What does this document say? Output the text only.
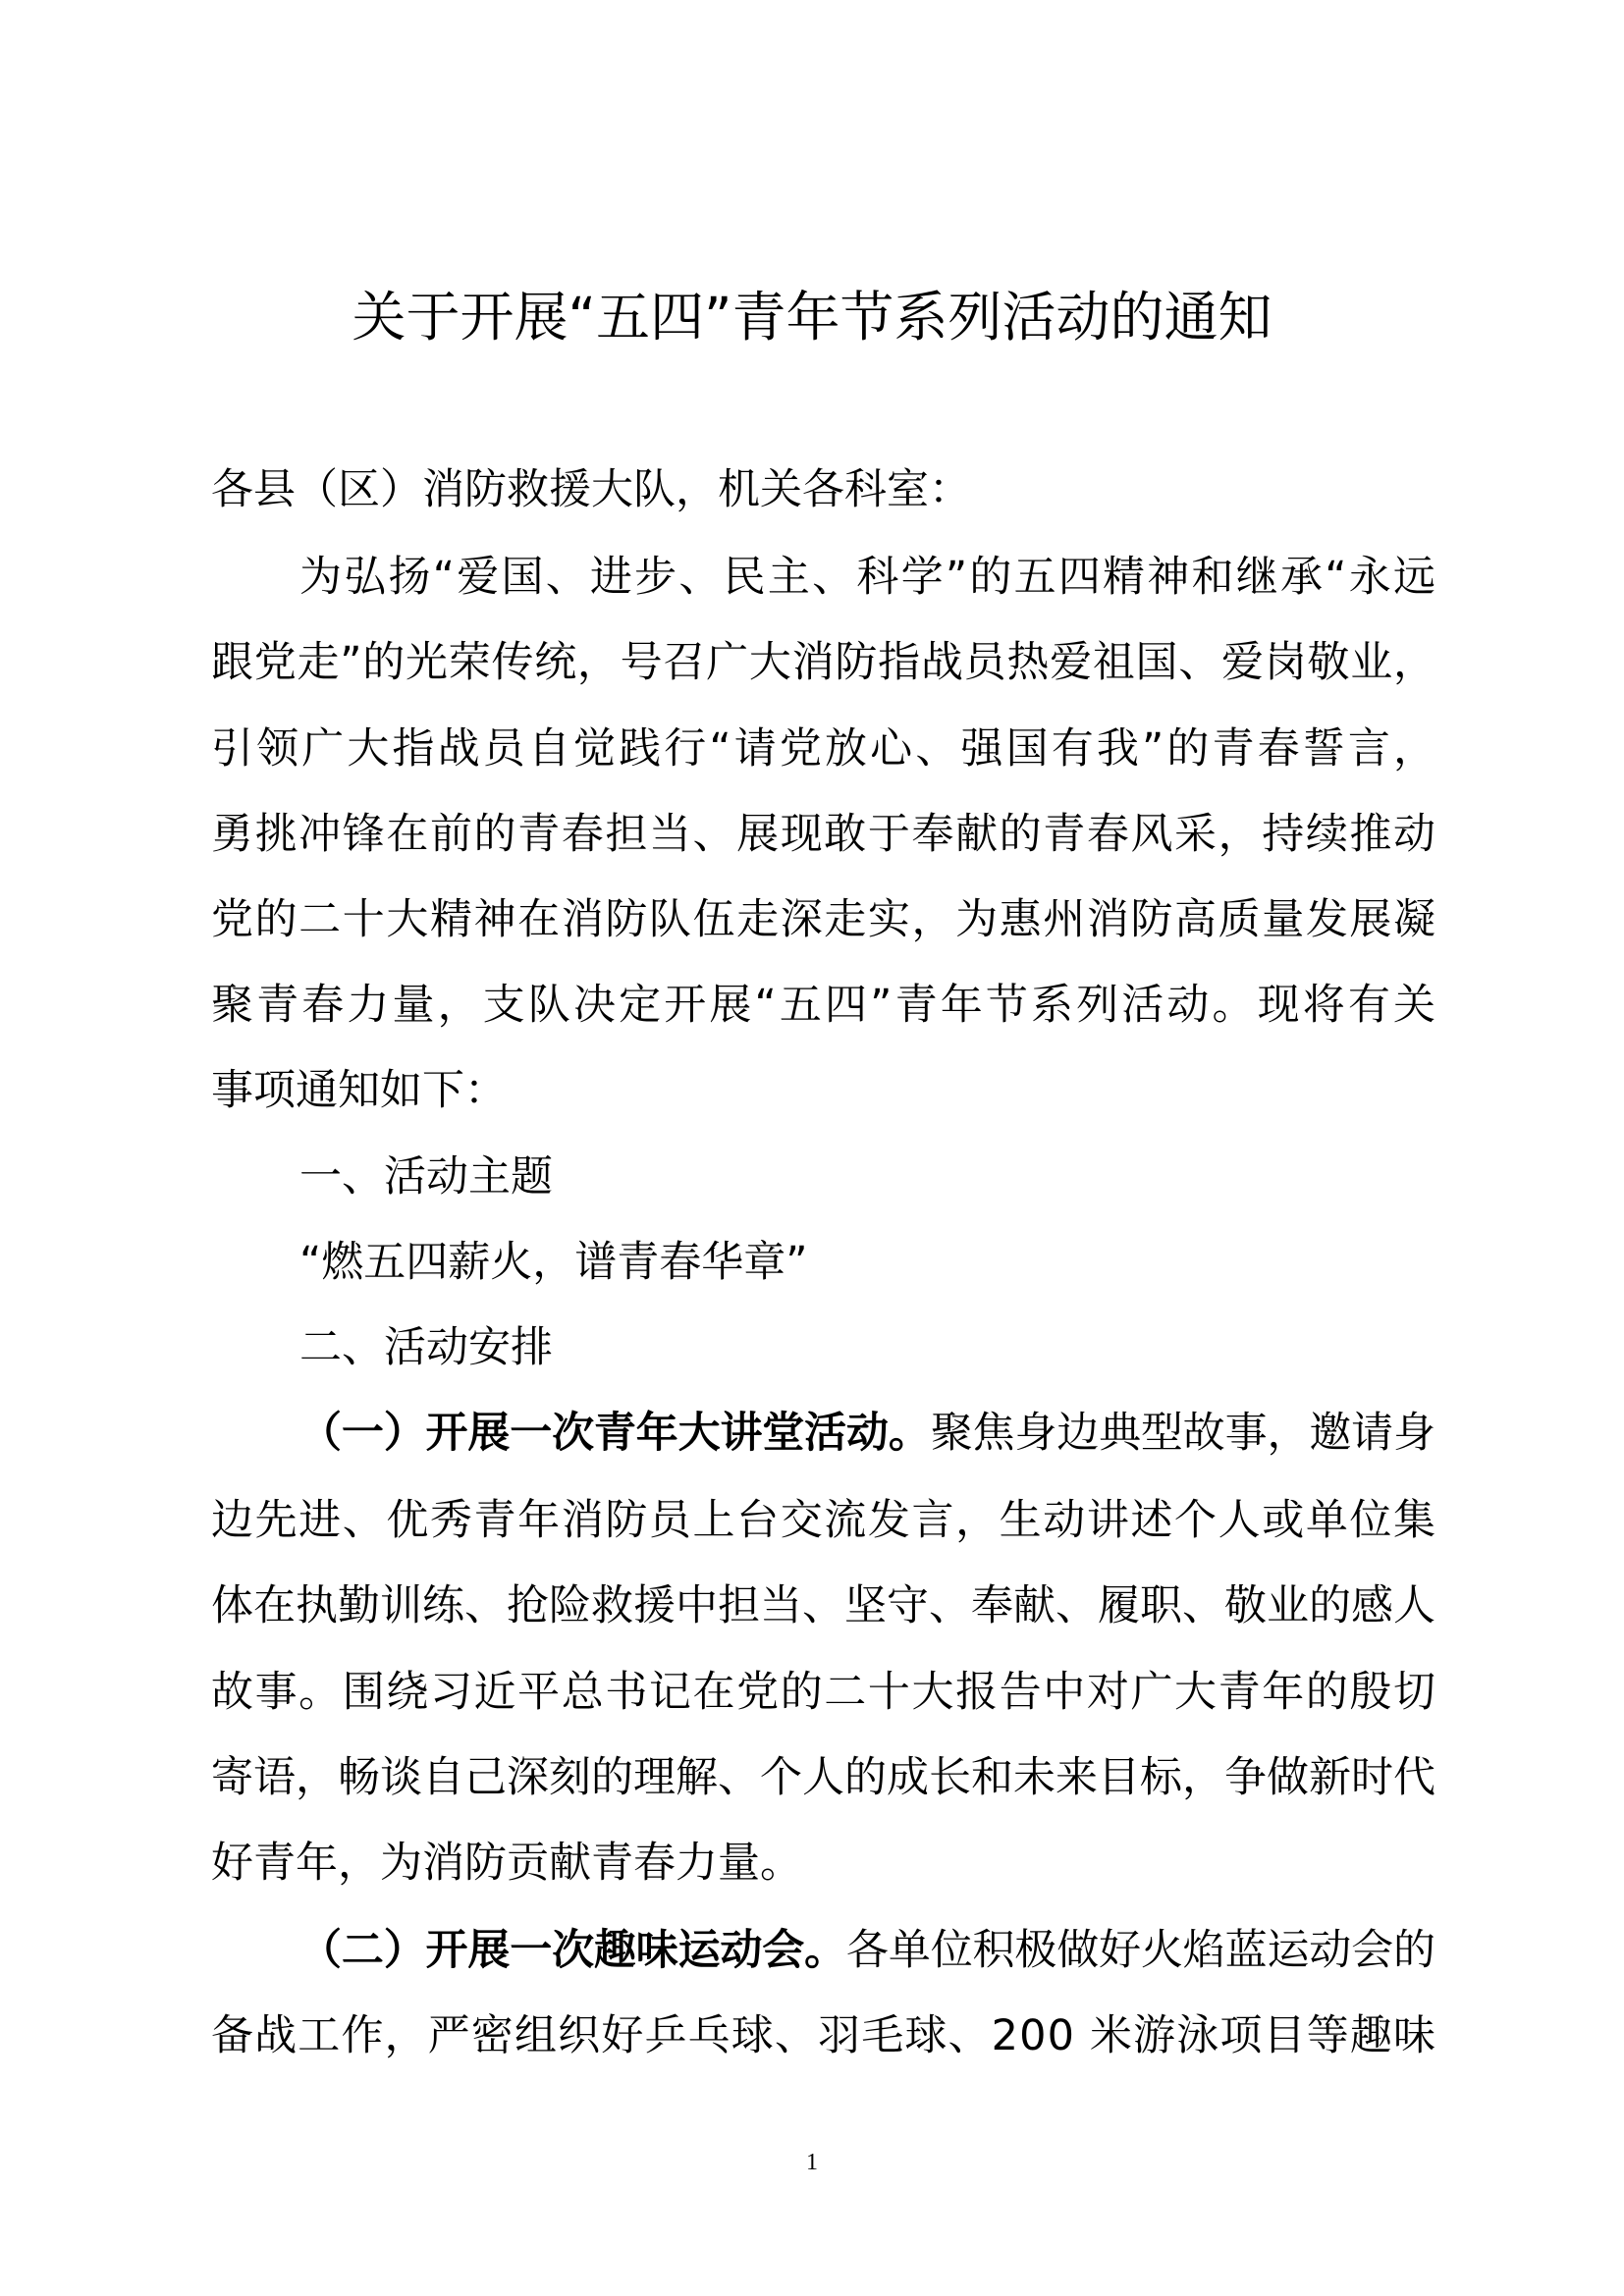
关于开展“五四”青年节系列活动的通知
各县（区）消防救援大队，机关各科室：
为弘扬“爱国、进步、民主、科学”的五四精神和继承“永远
跟党走”的光荣传统，号召广大消防指战员热爱祖国、爱岗敬业，
引领广大指战员自觉践行“请党放心、强国有我”的青春誓言，
勇挑冲锋在前的青春担当、展现敢于奉献的青春风采，持续推动
党的二十大精神在消防队伍走深走实，为惠州消防高质量发展凝
聚青春力量，支队决定开展“五四”青年节系列活动。现将有关
事项通知如下：
一、活动主题
“燃五四薪火，谱青春华章”
二、活动安排
（一）开展一次青年大讲堂活动。聚焦身边典型故事，邀请身
边先进、优秀青年消防员上台交流发言，生动讲述个人或单位集
体在执勤训练、抢险救援中担当、坚守、奉献、履职、敬业的感人
故事。围绕习近平总书记在党的二十大报告中对广大青年的殷切
寄语，畅谈自己深刻的理解、个人的成长和未来目标，争做新时代
好青年，为消防贡献青春力量。
（二）开展一次趣味运动会。各单位积极做好火焰蓝运动会的
备战工作，严密组织好乒乓球、羽毛球、200 米游泳项目等趣味
1
